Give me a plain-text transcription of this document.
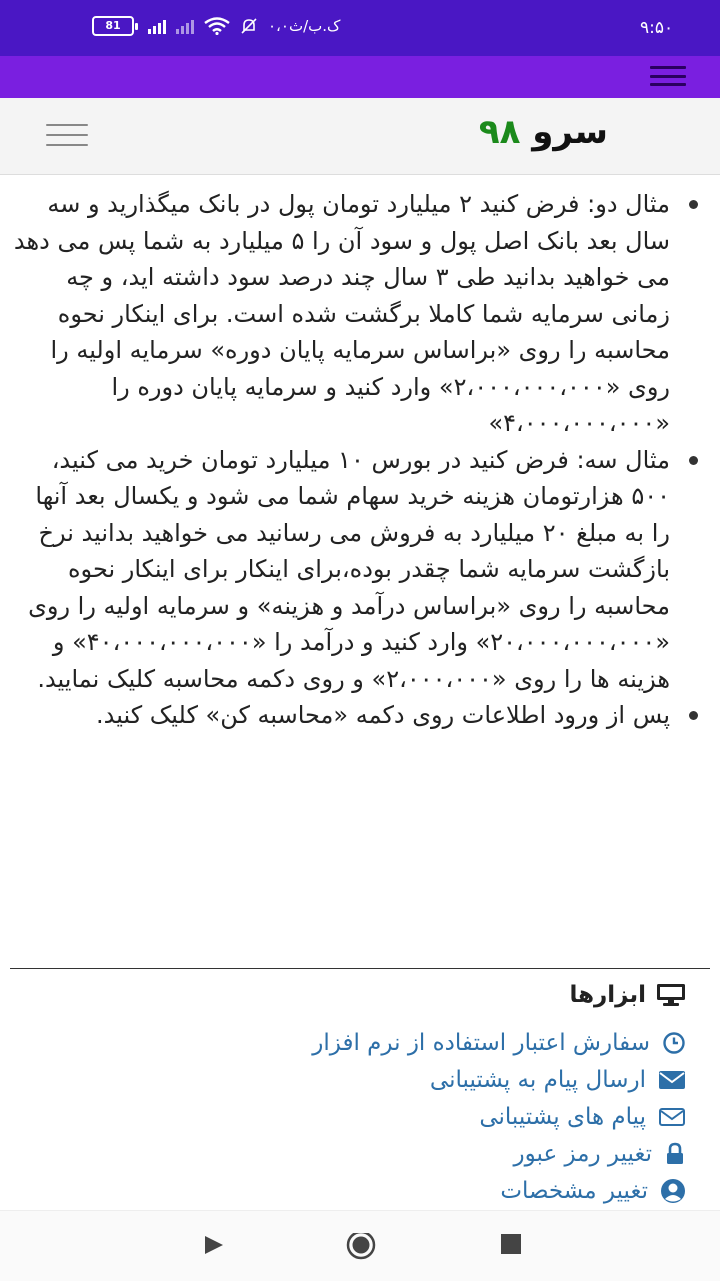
81	۰،۰ک.ب/ث	۹:۵۰
سرو ۹۸
مثال دو: فرض کنید ۲ میلیارد تومان پول در بانک میگذارید و سه سال بعد بانک اصل پول و سود آن را ۵ میلیارد به شما پس می دهد می خواهید بدانید طی ۳ سال چند درصد سود داشته اید، و چه زمانی سرمایه شما کاملا برگشت شده است. برای اینکار نحوه محاسبه را روی «براساس سرمایه پایان دوره» سرمایه اولیه را روی «۲،۰۰۰،۰۰۰،۰۰۰» وارد کنید و سرمایه پایان دوره را «۴،۰۰۰،۰۰۰،۰۰۰»
مثال سه: فرض کنید در بورس ۱۰ میلیارد تومان خرید می کنید، ۵۰۰ هزارتومان هزینه خرید سهام شما می شود و یکسال بعد آنها را به مبلغ ۲۰ میلیارد به فروش می رسانید می خواهید بدانید نرخ بازگشت سرمایه شما چقدر بوده،برای اینکار برای اینکار نحوه محاسبه را روی «براساس درآمد و هزینه» و سرمایه اولیه را روی «۲۰،۰۰۰،۰۰۰،۰۰۰» وارد کنید و درآمد را «۴۰،۰۰۰،۰۰۰،۰۰۰» و هزینه ها را روی «۲،۰۰۰،۰۰۰» و روی دکمه محاسبه کلیک نمایید.
پس از ورود اطلاعات روی دکمه «محاسبه کن» کلیک کنید.
ابزارها
سفارش اعتبار استفاده از نرم افزار
ارسال پیام به پشتیبانی
پیام های پشتیبانی
تغییر رمز عبور
تغییر مشخصات
